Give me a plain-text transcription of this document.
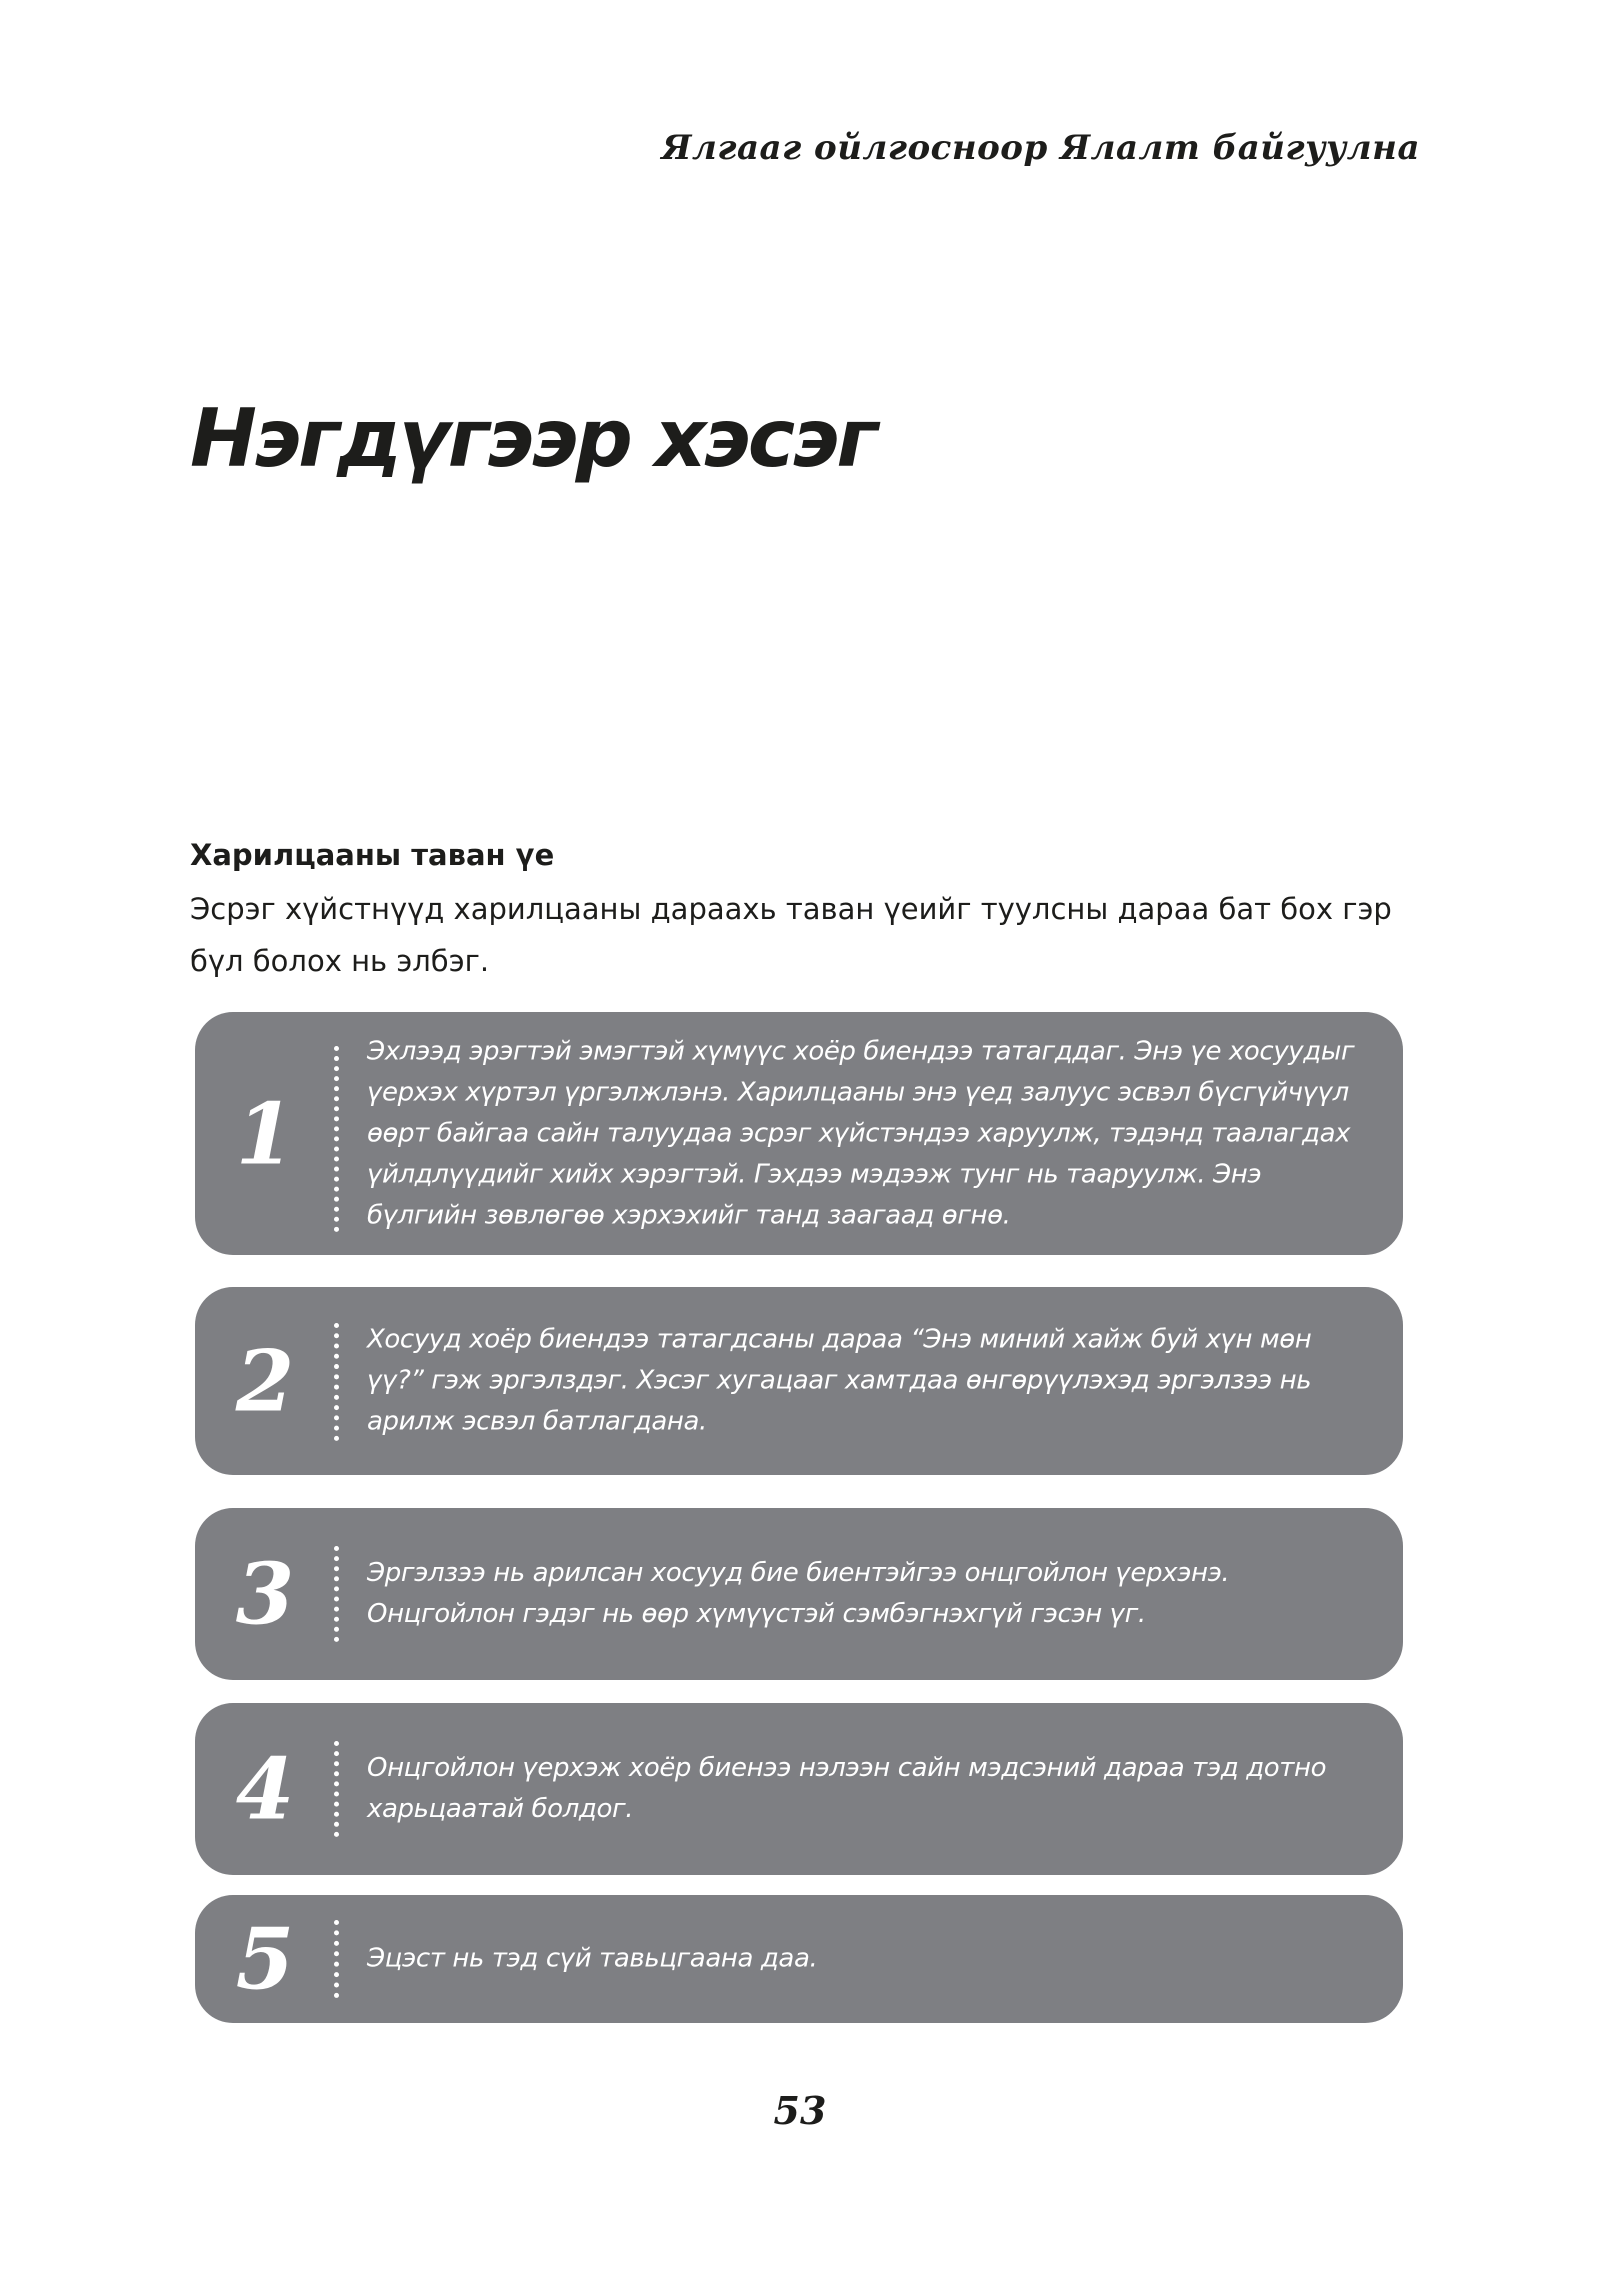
Ялгааг ойлгосноор Ялалт байгуулна
Нэгдүгээр хэсэг
Харилцааны таван үе
Эсрэг хүйстнүүд харилцааны дараахь таван үеийг туулсны дараа бат бох гэр
бүл болох нь элбэг.
1
Эхлээд эрэгтэй эмэгтэй хүмүүс хоёр биендээ татагддаг. Энэ үе хосуудыг үерхэх хүртэл үргэлжлэнэ. Харилцааны энэ үед залуус эсвэл бүсгүйчүүл өөрт байгаа сайн талуудаа эсрэг хүйстэндээ харуулж, тэдэнд таалагдах үйлдлүүдийг хийх хэрэгтэй. Гэхдээ мэдээж тунг нь тааруулж. Энэ бүлгийн зөвлөгөө хэрхэхийг танд заагаад өгнө.
2	Хосууд хоёр биендээ татагдсаны дараа “Энэ миний хайж буй хүн мөн үү?” гэж эргэлздэг. Хэсэг хугацааг хамтдаа өнгөрүүлэхэд эргэлзээ нь арилж эсвэл батлагдана.
3	Эргэлзээ нь арилсан хосууд бие биентэйгээ онцгойлон үерхэнэ. Онцгойлон гэдэг нь өөр хүмүүстэй сэмбэгнэхгүй гэсэн үг.
4	Онцгойлон үерхэж хоёр биенээ нэлээн сайн мэдсэний дараа тэд дотно харьцаатай болдог.
5	Эцэст нь тэд сүй тавьцгаана даа.
53
